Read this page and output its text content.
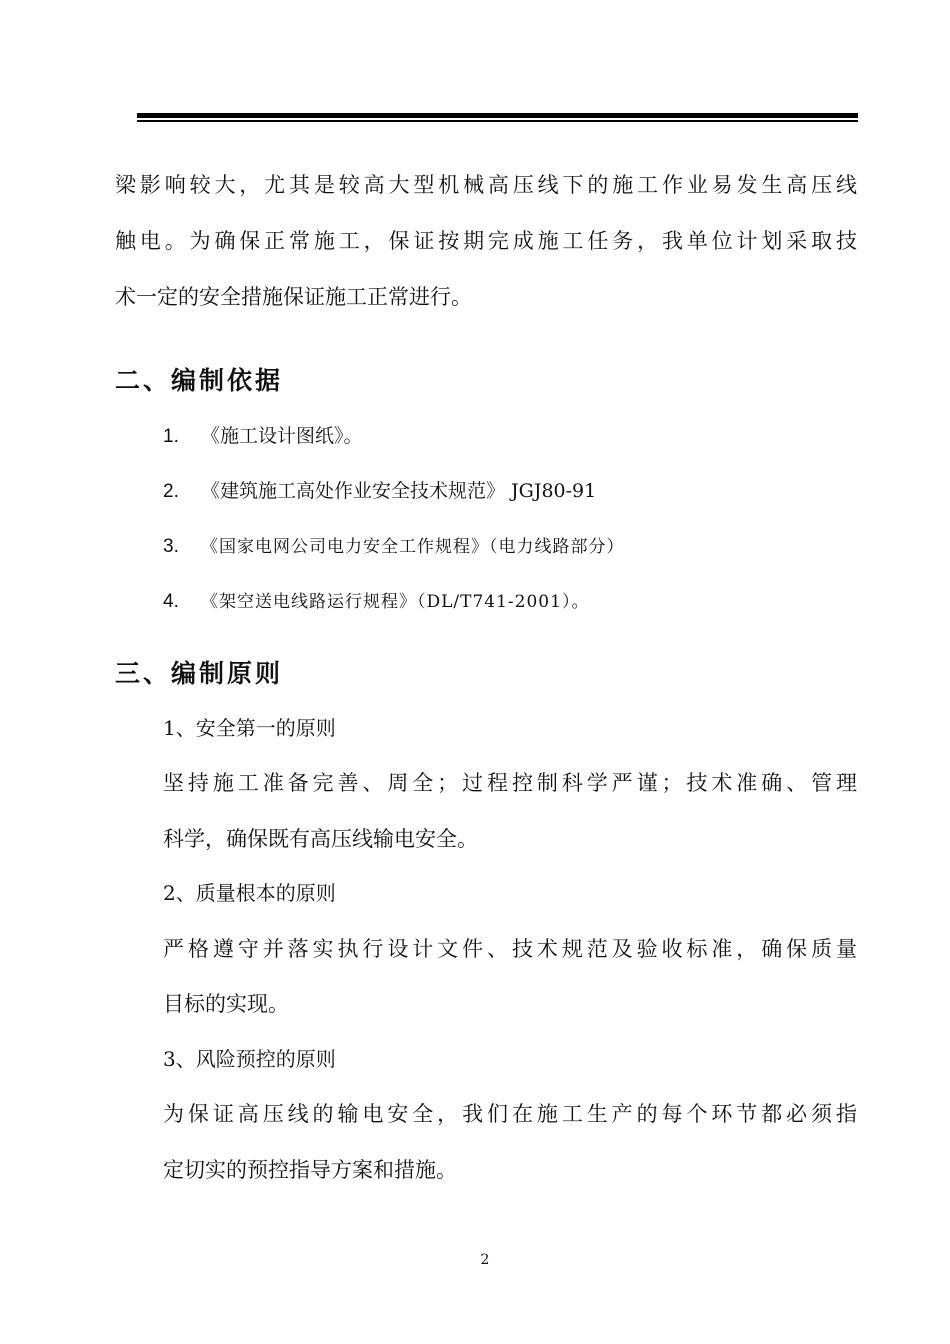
梁影响较大，尤其是较高大型机械高压线下的施工作业易发生高压线
触电。为确保正常施工，保证按期完成施工任务，我单位计划采取技
术一定的安全措施保证施工正常进行。
二、编制依据
1. 《施工设计图纸》。
2. 《建筑施工高处作业安全技术规范》 JGJ80-91
3. 《国家电网公司电力安全工作规程》（电力线路部分）
4. 《架空送电线路运行规程》（DL/T741-2001）。
三、编制原则
1、安全第一的原则
坚持施工准备完善、周全；过程控制科学严谨；技术准确、管理
科学，确保既有高压线输电安全。
2、质量根本的原则
严格遵守并落实执行设计文件、技术规范及验收标准，确保质量
目标的实现。
3、风险预控的原则
为保证高压线的输电安全，我们在施工生产的每个环节都必须指
定切实的预控指导方案和措施。
2
